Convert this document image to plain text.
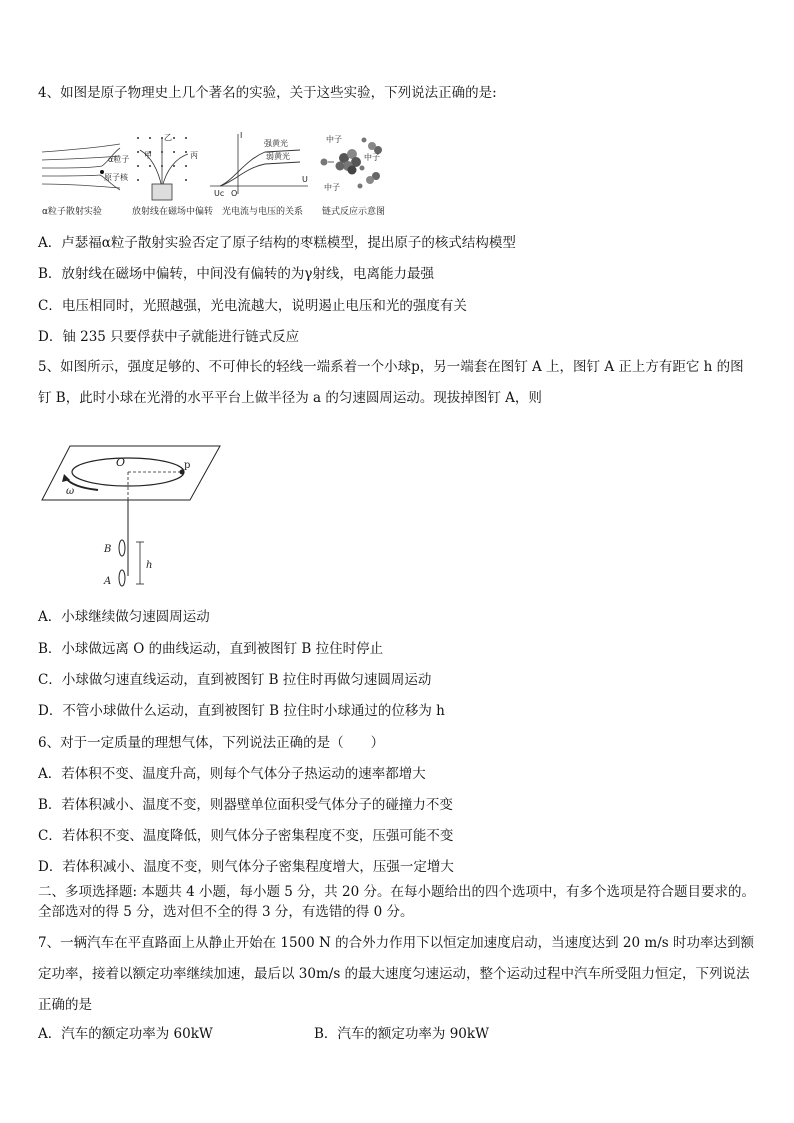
4、如图是原子物理史上几个著名的实验，关于这些实验，下列说法正确的是:
α粒子
原子核
α粒子散射实验
甲
乙
丙
放射线在磁场中偏转
I
U
Uc O
强黄光
弱黄光
光电流与电压的关系
中子
中子
中子
链式反应示意图
A．卢瑟福α粒子散射实验否定了原子结构的枣糕模型，提出原子的核式结构模型
B．放射线在磁场中偏转，中间没有偏转的为γ射线，电离能力最强
C．电压相同时，光照越强，光电流越大，说明遏止电压和光的强度有关
D．铀 235 只要俘获中子就能进行链式反应
5、如图所示，强度足够的、不可伸长的轻线一端系着一个小球p，另一端套在图钉 A 上，图钉 A 正上方有距它 h 的图钉 B，此时小球在光滑的水平平台上做半径为 a 的匀速圆周运动。现拔掉图钉 A，则
O	p
ω
B
A
h
A．小球继续做匀速圆周运动
B．小球做远离 O 的曲线运动，直到被图钉 B 拉住时停止
C．小球做匀速直线运动，直到被图钉 B 拉住时再做匀速圆周运动
D．不管小球做什么运动，直到被图钉 B 拉住时小球通过的位移为 h
6、对于一定质量的理想气体，下列说法正确的是（　　）
A．若体积不变、温度升高，则每个气体分子热运动的速率都增大
B．若体积减小、温度不变，则器壁单位面积受气体分子的碰撞力不变
C．若体积不变、温度降低，则气体分子密集程度不变，压强可能不变
D．若体积减小、温度不变，则气体分子密集程度增大，压强一定增大
二、多项选择题: 本题共 4 小题，每小题 5 分，共 20 分。在每小题给出的四个选项中，有多个选项是符合题目要求的。全部选对的得 5 分，选对但不全的得 3 分，有选错的得 0 分。
7、一辆汽车在平直路面上从静止开始在 1500 N 的合外力作用下以恒定加速度启动，当速度达到 20 m/s 时功率达到额定功率，接着以额定功率继续加速，最后以 30m/s 的最大速度匀速运动，整个运动过程中汽车所受阻力恒定，下列说法正确的是
A．汽车的额定功率为 60kW	B．汽车的额定功率为 90kW
